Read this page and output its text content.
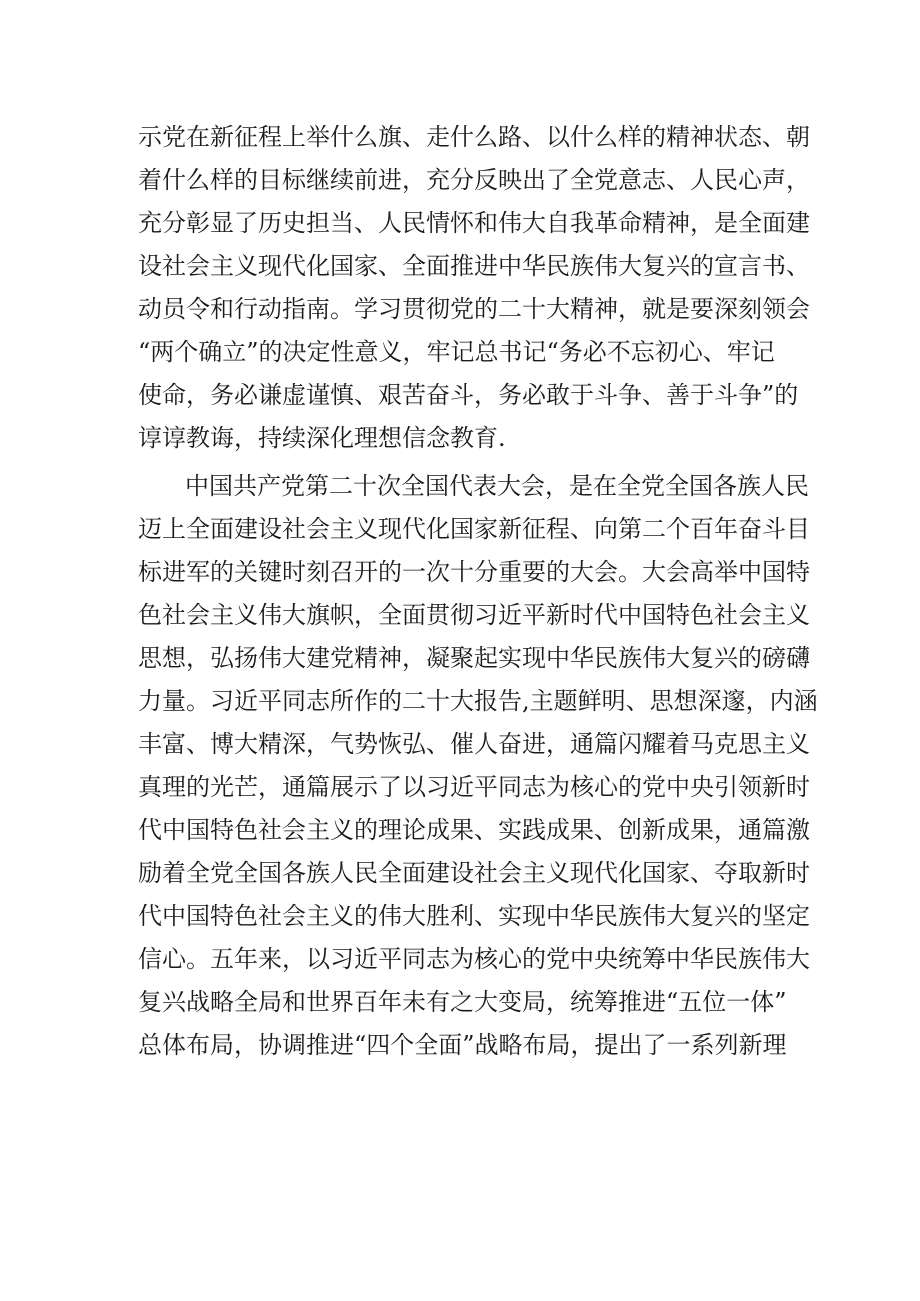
示党在新征程上举什么旗、走什么路、以什么样的精神状态、朝

着什么样的目标继续前进，充分反映出了全党意志、人民心声，

充分彰显了历史担当、人民情怀和伟大自我革命精神，是全面建

设社会主义现代化国家、全面推进中华民族伟大复兴的宣言书、

动员令和行动指南。学习贯彻党的二十大精神，就是要深刻领会

“两个确立”的决定性意义，牢记总书记“务必不忘初心、牢记

使命，务必谦虚谨慎、艰苦奋斗，务必敢于斗争、善于斗争”的

谆谆教诲，持续深化理想信念教育.

中国共产党第二十次全国代表大会，是在全党全国各族人民

迈上全面建设社会主义现代化国家新征程、向第二个百年奋斗目

标进军的关键时刻召开的一次十分重要的大会。大会高举中国特

色社会主义伟大旗帜，全面贯彻习近平新时代中国特色社会主义

思想，弘扬伟大建党精神，凝聚起实现中华民族伟大复兴的磅礴

力量。习近平同志所作的二十大报告,主题鲜明、思想深邃，内涵

丰富、博大精深，气势恢弘、催人奋进，通篇闪耀着马克思主义

真理的光芒，通篇展示了以习近平同志为核心的党中央引领新时

代中国特色社会主义的理论成果、实践成果、创新成果，通篇激

励着全党全国各族人民全面建设社会主义现代化国家、夺取新时

代中国特色社会主义的伟大胜利、实现中华民族伟大复兴的坚定

信心。五年来，以习近平同志为核心的党中央统筹中华民族伟大

复兴战略全局和世界百年未有之大变局，统筹推进“五位一体”

总体布局，协调推进“四个全面”战略布局，提出了一系列新理
